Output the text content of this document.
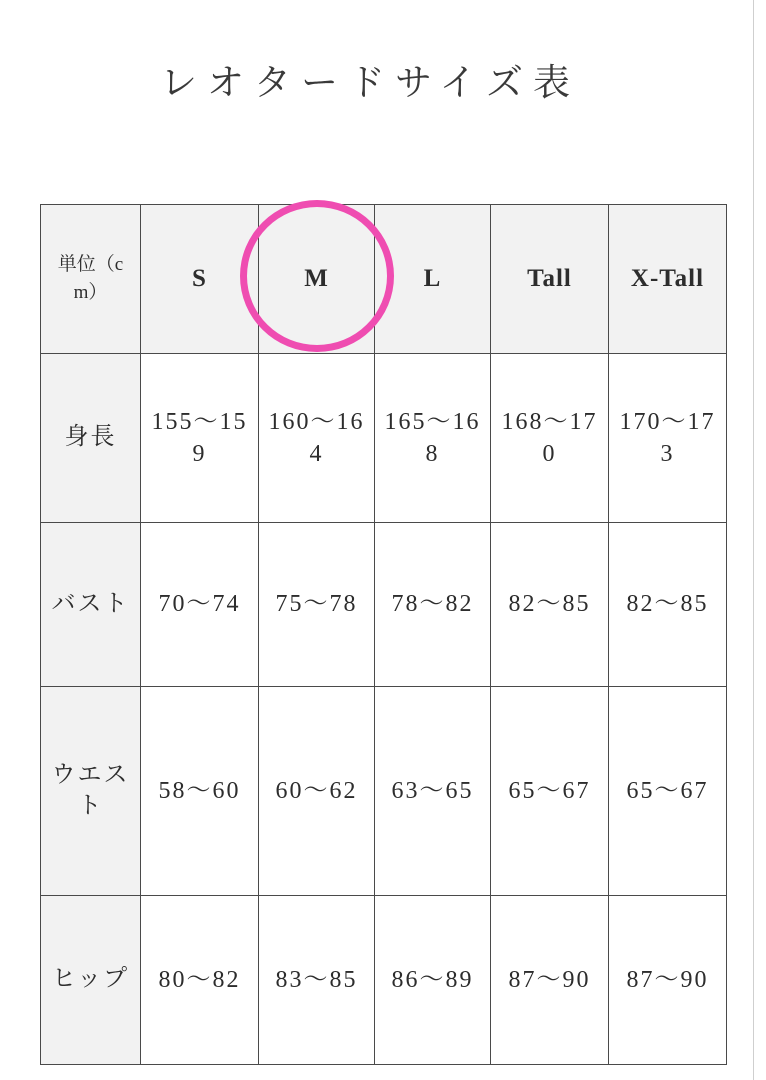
レオタードサイズ表
単位（cm）	S	M	L	Tall	X-Tall
身長	155〜159	160〜164	165〜168	168〜170	170〜173
バスト	70〜74	75〜78	78〜82	82〜85	82〜85
ウエスト	58〜60	60〜62	63〜65	65〜67	65〜67
ヒップ	80〜82	83〜85	86〜89	87〜90	87〜90
